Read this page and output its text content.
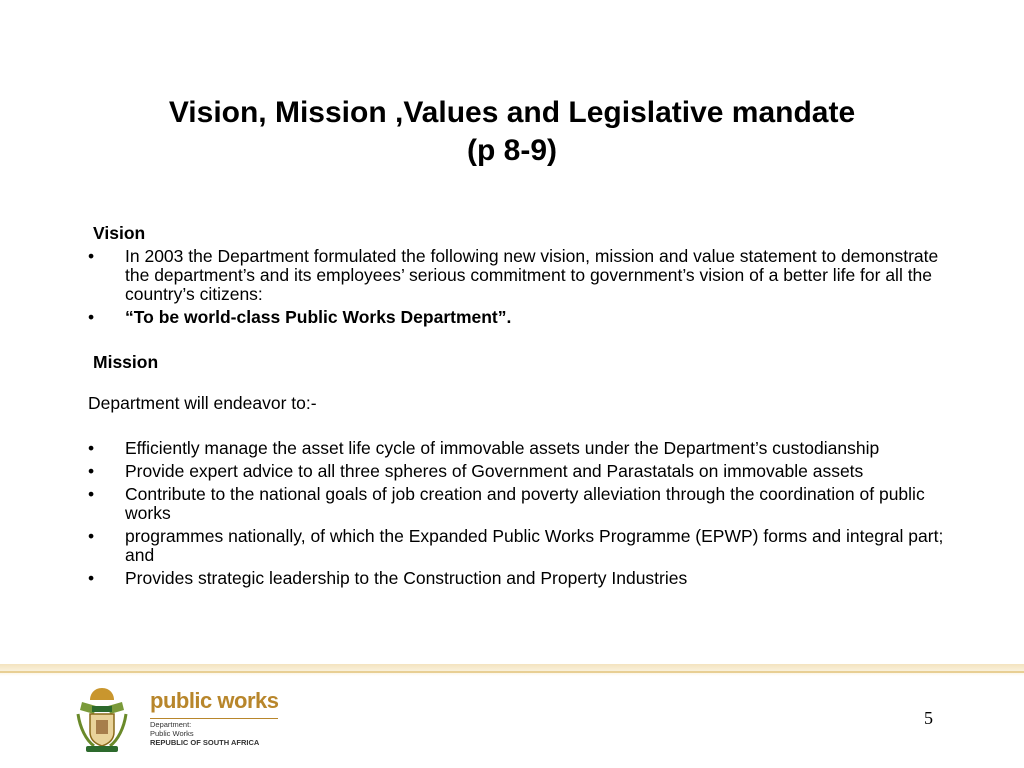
Vision, Mission ,Values and Legislative mandate
(p 8-9)
Vision
•	In 2003 the Department formulated the following new vision, mission and value statement to demonstrate the department’s and its employees’ serious commitment to government’s vision of a better life for all the country’s citizens:
•	“To be world-class Public Works Department”.
Mission
Department will endeavor to:-
•	Efficiently manage the asset life cycle of immovable assets under the Department’s custodianship
•	Provide expert advice to all three spheres of Government and Parastatals on immovable assets
•	Contribute to the national goals of job creation and poverty alleviation through the coordination of public works
•	programmes nationally, of which the Expanded Public Works Programme (EPWP) forms and integral part; and
•	Provides strategic leadership to the Construction and Property Industries
public works
Department:
Public Works
REPUBLIC OF SOUTH AFRICA
5
